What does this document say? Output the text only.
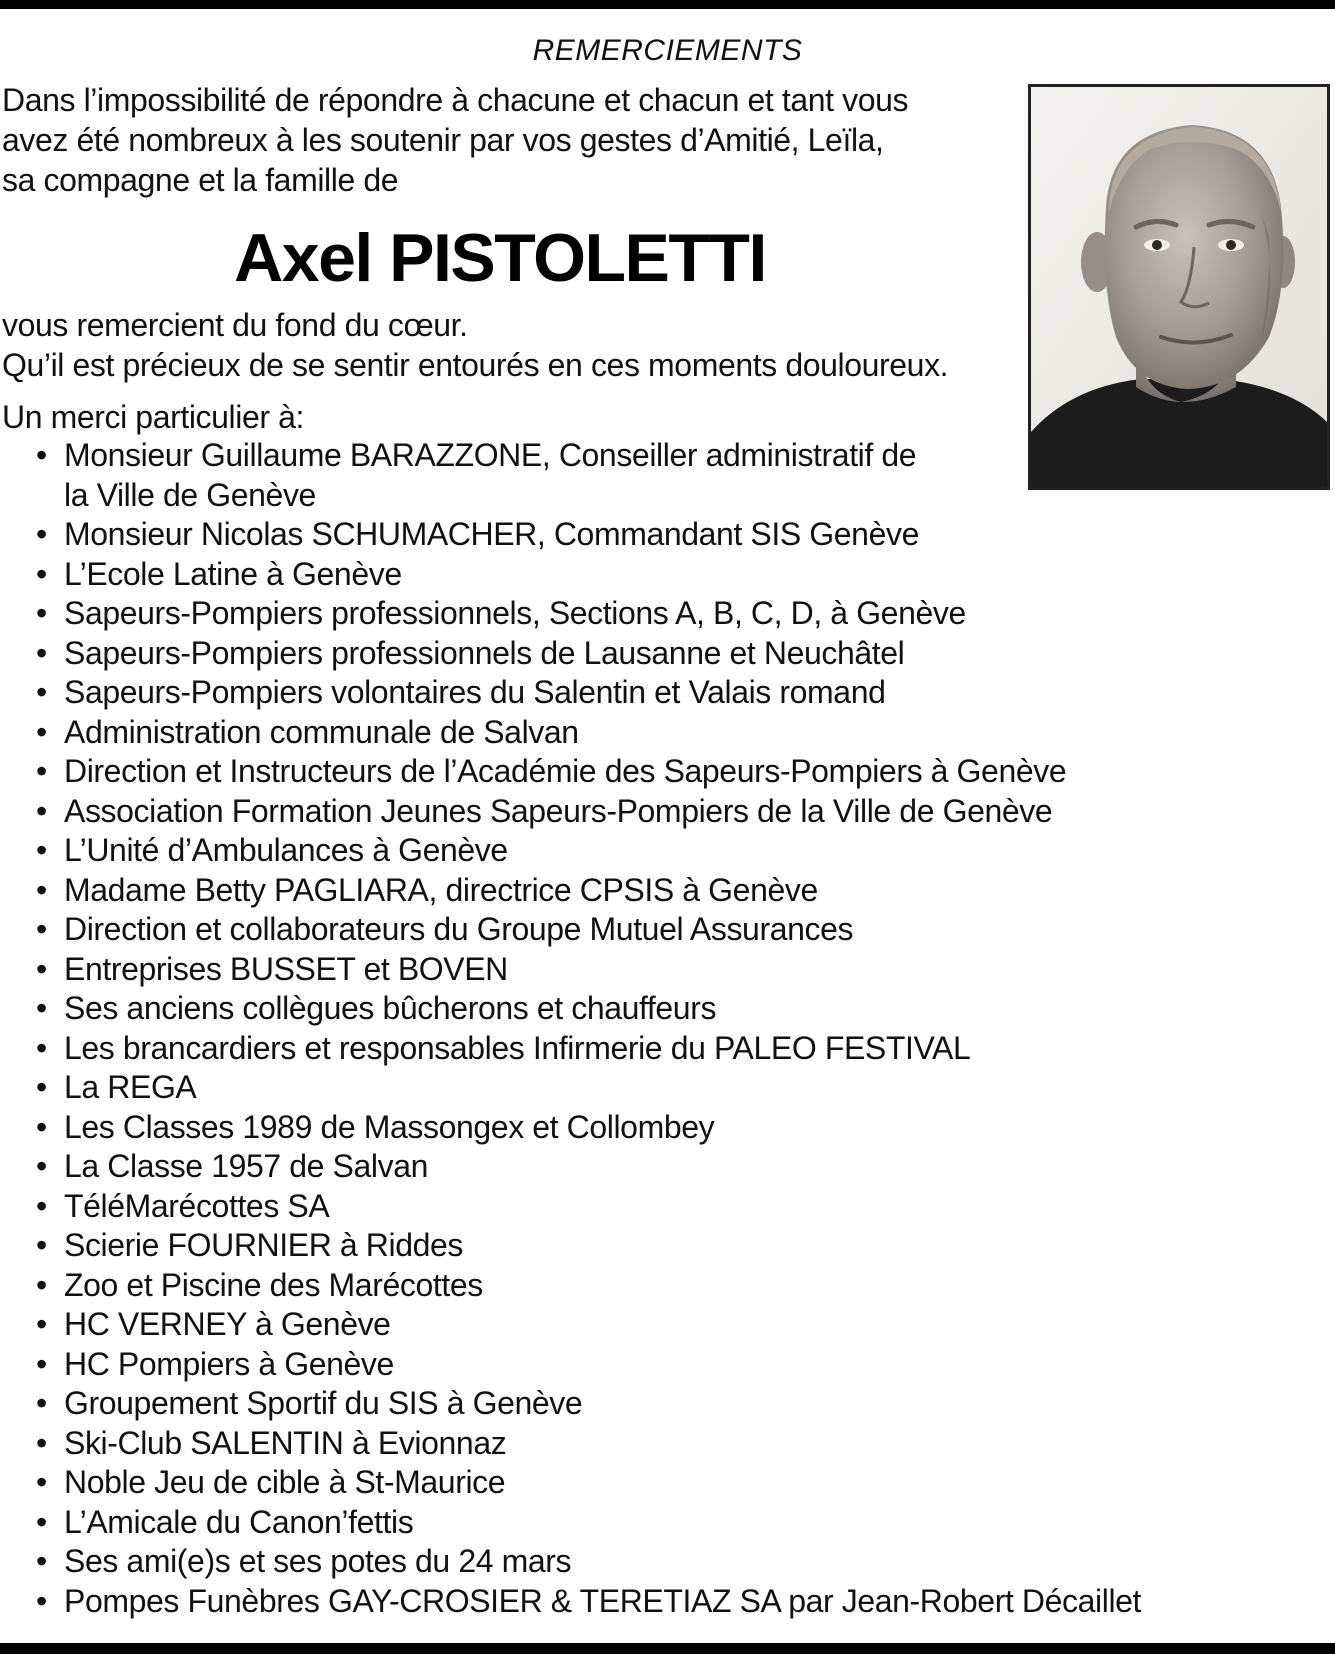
REMERCIEMENTS
Dans l’impossibilité de répondre à chacune et chacun et tant vous
avez été nombreux à les soutenir par vos gestes d’Amitié, Leïla,
sa compagne et la famille de
Axel PISTOLETTI
vous remercient du fond du cœur.
Qu’il est précieux de se sentir entourés en ces moments douloureux.
Un merci particulier à:
• Monsieur Guillaume BARAZZONE, Conseiller administratif de
la Ville de Genève
• Monsieur Nicolas SCHUMACHER, Commandant SIS Genève
• L’Ecole Latine à Genève
• Sapeurs-Pompiers professionnels, Sections A, B, C, D, à Genève
• Sapeurs-Pompiers professionnels de Lausanne et Neuchâtel
• Sapeurs-Pompiers volontaires du Salentin et Valais romand
• Administration communale de Salvan
• Direction et Instructeurs de l’Académie des Sapeurs-Pompiers à Genève
• Association Formation Jeunes Sapeurs-Pompiers de la Ville de Genève
• L’Unité d’Ambulances à Genève
• Madame Betty PAGLIARA, directrice CPSIS à Genève
• Direction et collaborateurs du Groupe Mutuel Assurances
• Entreprises BUSSET et BOVEN
• Ses anciens collègues bûcherons et chauffeurs
• Les brancardiers et responsables Infirmerie du PALEO FESTIVAL
• La REGA
• Les Classes 1989 de Massongex et Collombey
• La Classe 1957 de Salvan
• TéléMarécottes SA
• Scierie FOURNIER à Riddes
• Zoo et Piscine des Marécottes
• HC VERNEY à Genève
• HC Pompiers à Genève
• Groupement Sportif du SIS à Genève
• Ski-Club SALENTIN à Evionnaz
• Noble Jeu de cible à St-Maurice
• L’Amicale du Canon’fettis
• Ses ami(e)s et ses potes du 24 mars
• Pompes Funèbres GAY-CROSIER & TERETIAZ SA par Jean-Robert Décaillet
